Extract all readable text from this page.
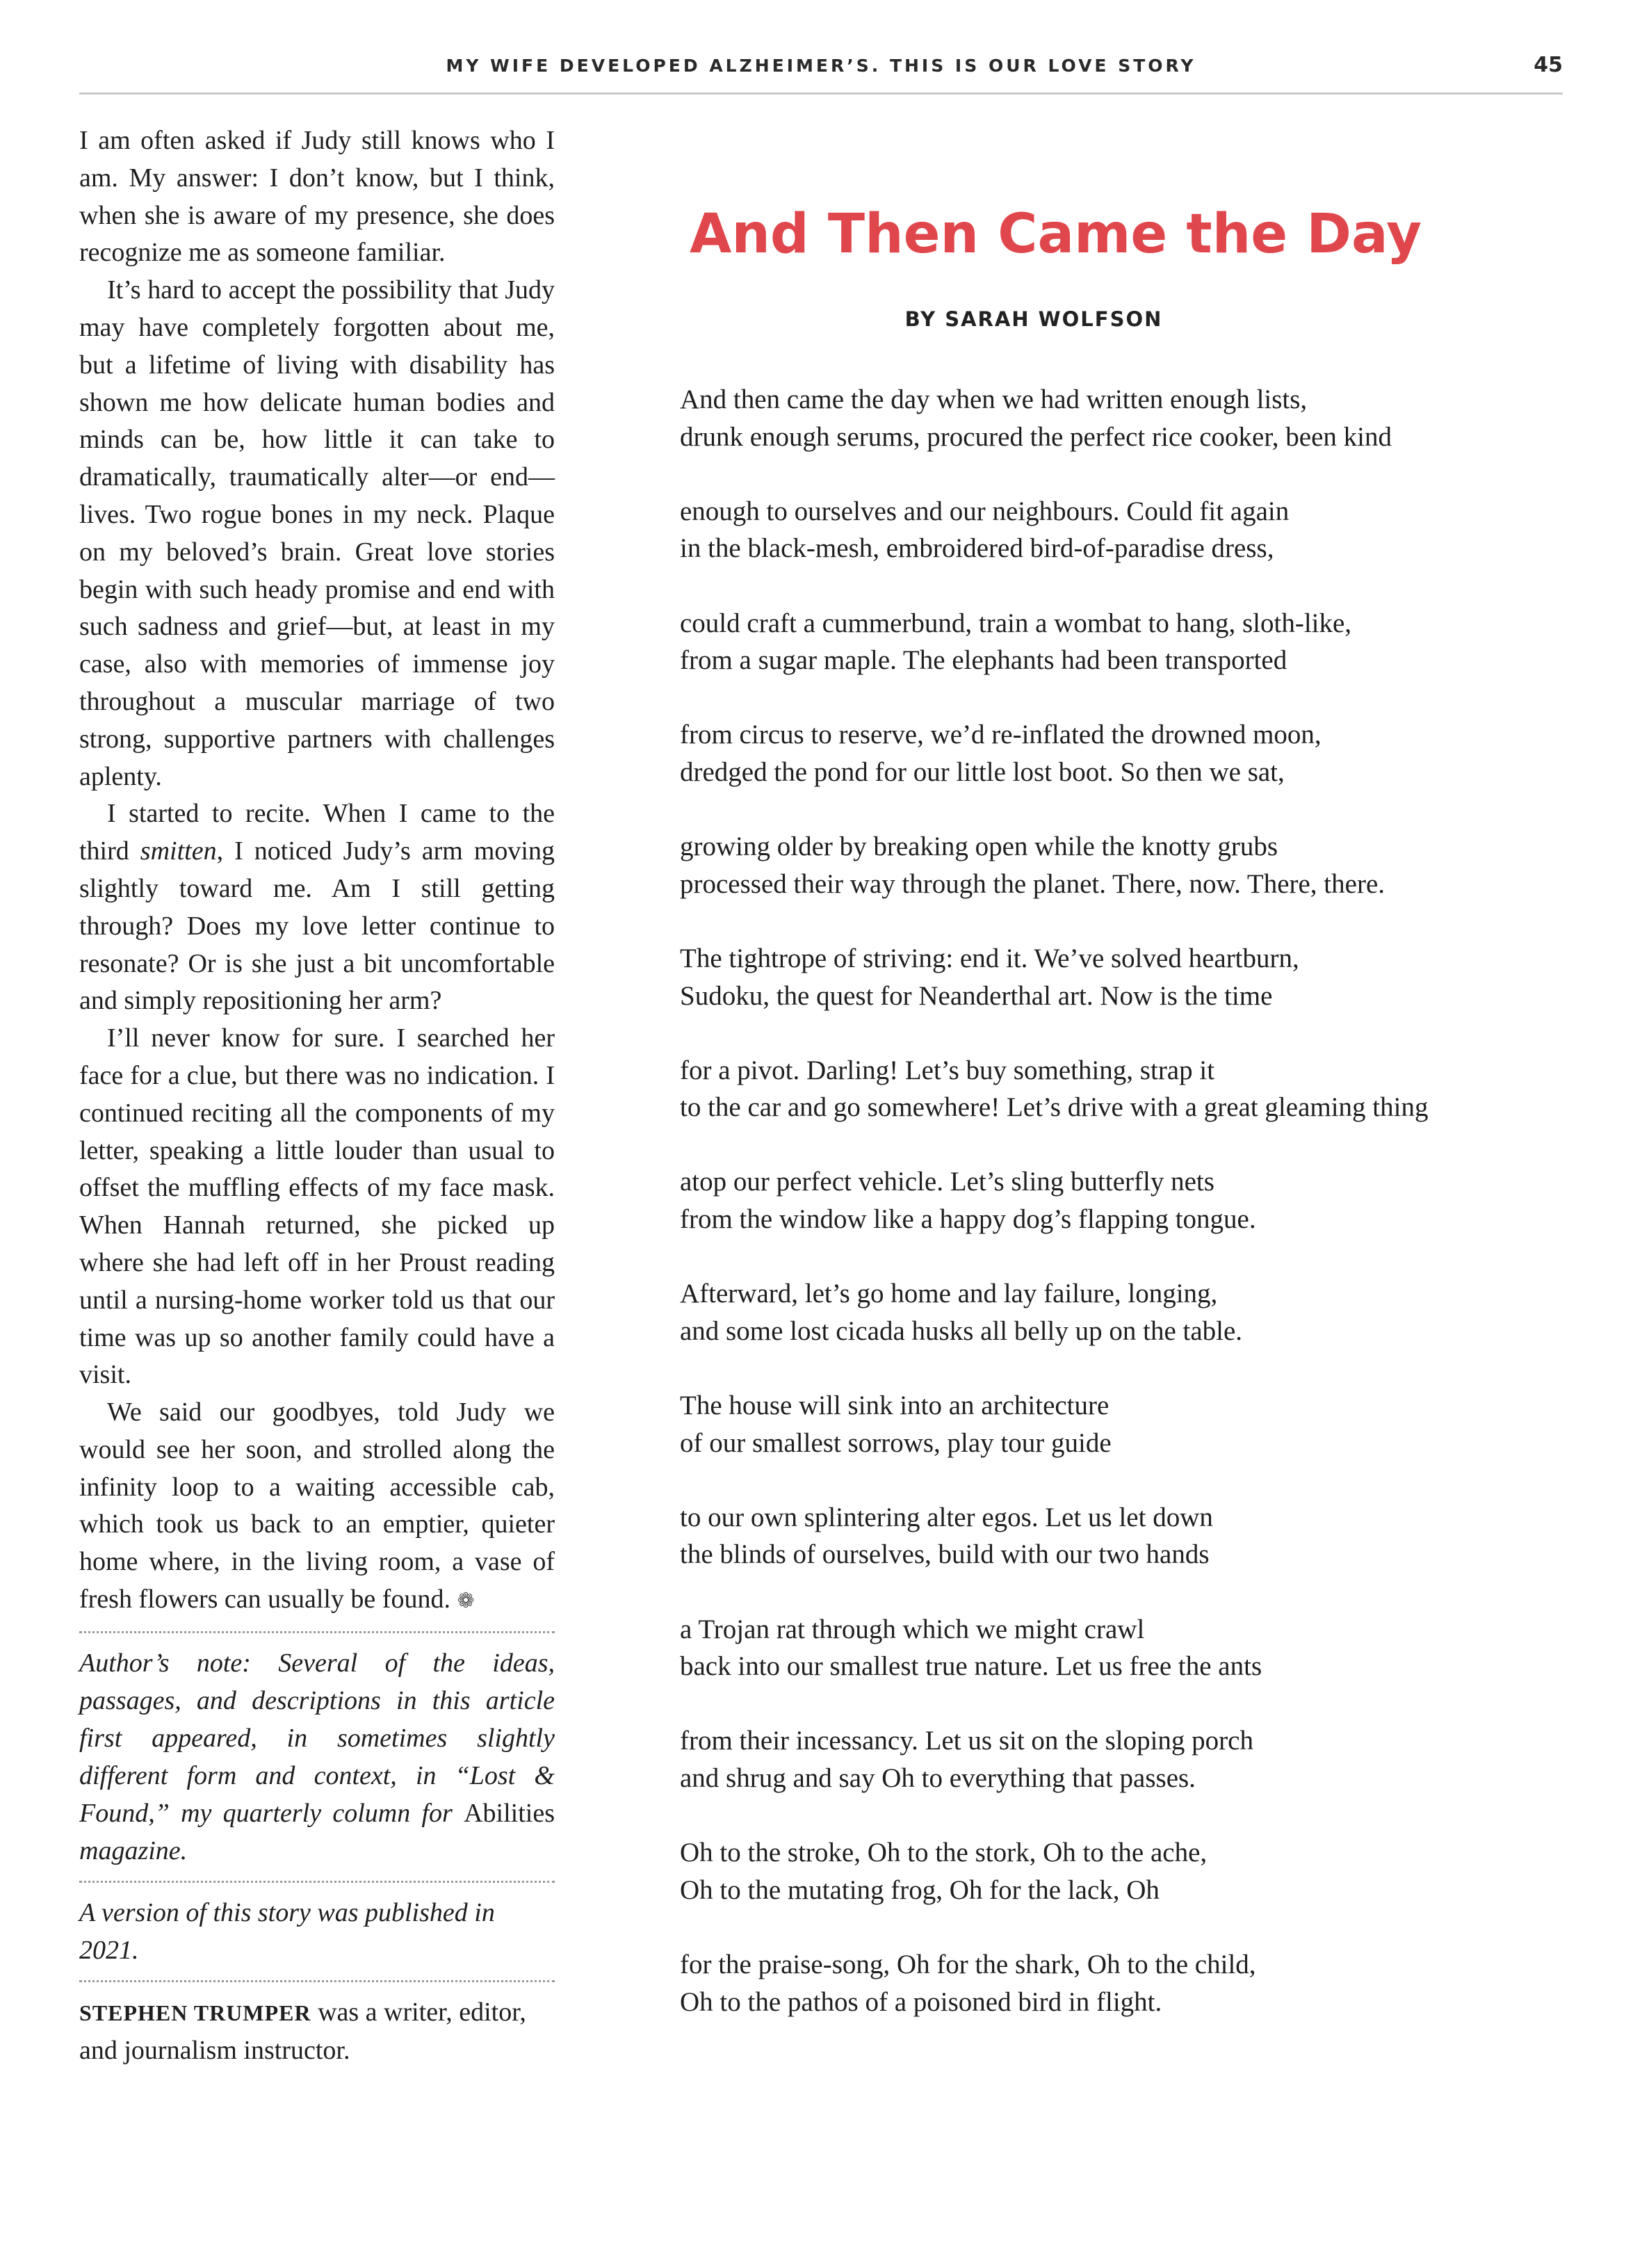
MY WIFE DEVELOPED ALZHEIMER’S. THIS IS OUR LOVE STORY	45

I am often asked if Judy still knows who I am. My answer: I don’t know, but I think, when she is aware of my presence, she does recognize me as someone familiar.

It’s hard to accept the possibility that Judy may have completely forgotten about me, but a lifetime of living with disability has shown me how delicate human bodies and minds can be, how little it can take to dramatically, traumatically alter—or end—lives. Two rogue bones in my neck. Plaque on my beloved’s brain. Great love stories begin with such heady promise and end with such sadness and grief—but, at least in my case, also with memories of immense joy throughout a muscular marriage of two strong, supportive partners with challenges aplenty.

I started to recite. When I came to the third smitten, I noticed Judy’s arm moving slightly toward me. Am I still getting through? Does my love letter continue to resonate? Or is she just a bit uncomfortable and simply repositioning her arm?

I’ll never know for sure. I searched her face for a clue, but there was no indication. I continued reciting all the components of my letter, speaking a little louder than usual to offset the muffling effects of my face mask. When Hannah returned, she picked up where she had left off in her Proust reading until a nursing-home worker told us that our time was up so another family could have a visit.

We said our goodbyes, told Judy we would see her soon, and strolled along the infinity loop to a waiting accessible cab, which took us back to an emptier, quieter home where, in the living room, a vase of fresh flowers can usually be found. ❁

Author’s note: Several of the ideas, passages, and descriptions in this article first appeared, in sometimes slightly different form and context, in “Lost & Found,” my quarterly column for Abilities magazine.

A version of this story was published in 2021.

STEPHEN TRUMPER was a writer, editor, and journalism instructor.

And Then Came the Day
BY SARAH WOLFSON
And then came the day when we had written enough lists,
drunk enough serums, procured the perfect rice cooker, been kind
enough to ourselves and our neighbours. Could fit again
in the black-mesh, embroidered bird-of-paradise dress,
could craft a cummerbund, train a wombat to hang, sloth-like,
from a sugar maple. The elephants had been transported
from circus to reserve, we’d re-inflated the drowned moon,
dredged the pond for our little lost boot. So then we sat,
growing older by breaking open while the knotty grubs
processed their way through the planet. There, now. There, there.
The tightrope of striving: end it. We’ve solved heartburn,
Sudoku, the quest for Neanderthal art. Now is the time
for a pivot. Darling! Let’s buy something, strap it
to the car and go somewhere! Let’s drive with a great gleaming thing
atop our perfect vehicle. Let’s sling butterfly nets
from the window like a happy dog’s flapping tongue.
Afterward, let’s go home and lay failure, longing,
and some lost cicada husks all belly up on the table.
The house will sink into an architecture
of our smallest sorrows, play tour guide
to our own splintering alter egos. Let us let down
the blinds of ourselves, build with our two hands
a Trojan rat through which we might crawl
back into our smallest true nature. Let us free the ants
from their incessancy. Let us sit on the sloping porch
and shrug and say Oh to everything that passes.
Oh to the stroke, Oh to the stork, Oh to the ache,
Oh to the mutating frog, Oh for the lack, Oh
for the praise-song, Oh for the shark, Oh to the child,
Oh to the pathos of a poisoned bird in flight.
